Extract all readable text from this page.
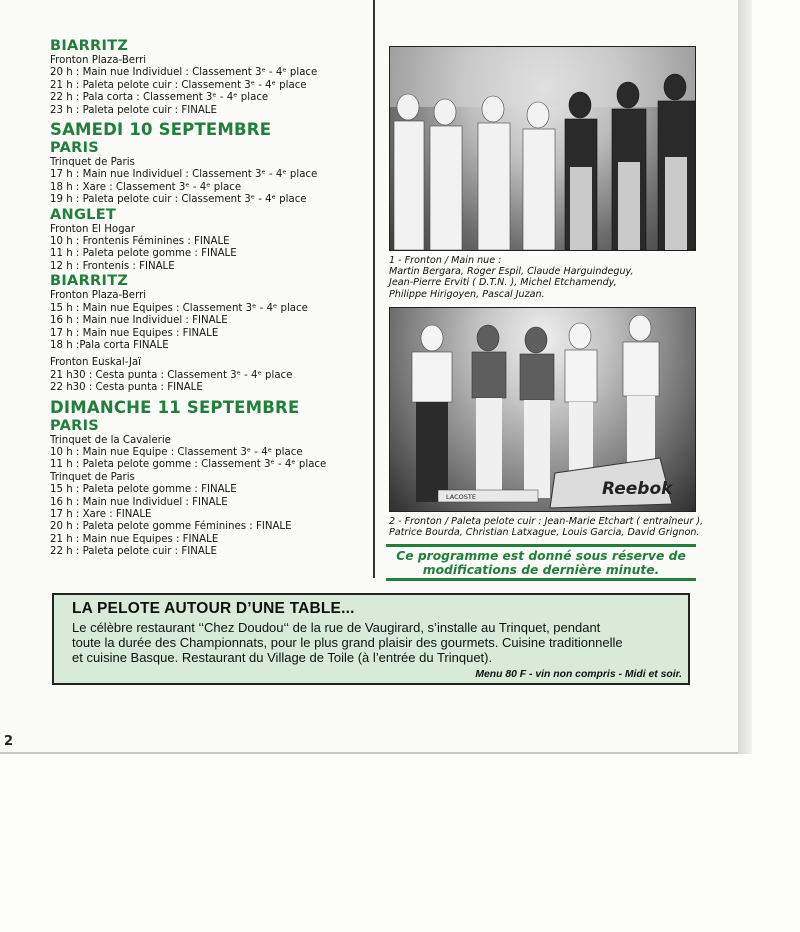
BIARRITZ
Fronton Plaza-Berri
20 h : Main nue Individuel : Classement 3ᵉ - 4ᵉ place
21 h : Paleta pelote cuir : Classement 3ᵉ - 4ᵉ place
22 h : Pala corta : Classement 3ᵉ - 4ᵉ place
23 h : Paleta pelote cuir : FINALE
SAMEDI 10 SEPTEMBRE
PARIS
Trinquet de Paris
17 h : Main nue Individuel : Classement 3ᵉ - 4ᵉ place
18 h : Xare : Classement 3ᵉ - 4ᵉ place
19 h : Paleta pelote cuir : Classement 3ᵉ - 4ᵉ place
ANGLET
Fronton El Hogar
10 h : Frontenis Féminines : FINALE
11 h : Paleta pelote gomme : FINALE
12 h : Frontenis : FINALE
BIARRITZ
Fronton Plaza-Berri
15 h : Main nue Equipes : Classement 3ᵉ - 4ᵉ place
16 h : Main nue Individuel : FINALE
17 h : Main nue Equipes : FINALE
18 h :Pala corta FINALE
Fronton Euskal-Jaï
21 h30 : Cesta punta : Classement 3ᵉ - 4ᵉ place
22 h30 : Cesta punta : FINALE
DIMANCHE 11 SEPTEMBRE
PARIS
Trinquet de la Cavalerie
10 h : Main nue Equipe : Classement 3ᵉ - 4ᵉ place
11 h : Paleta pelote gomme : Classement 3ᵉ - 4ᵉ place
Trinquet de Paris
15 h : Paleta pelote gomme : FINALE
16 h : Main nue Individuel : FINALE
17 h : Xare : FINALE
20 h : Paleta pelote gomme Féminines : FINALE
21 h : Main nue Equipes : FINALE
22 h : Paleta pelote cuir : FINALE
1 - Fronton / Main nue :
Martin Bergara, Roger Espil, Claude Harguindeguy,
Jean-Pierre Erviti ( D.T.N. ), Michel Etchamendy,
Philippe Hirigoyen, Pascal Juzan.
Reebok
LACOSTE
2 - Fronton / Paleta pelote cuir : Jean-Marie Etchart ( entraîneur ),
Patrice Bourda, Christian Latxague, Louis Garcia, David Grignon.
Ce programme est donné sous réserve de
modifications de dernière minute.
LA PELOTE AUTOUR D’UNE TABLE...
Le célèbre restaurant ‘‘Chez Doudou‘‘ de la rue de Vaugirard, s’installe au Trinquet, pendant
toute la durée des Championnats, pour le plus grand plaisir des gourmets. Cuisine traditionnelle
et cuisine Basque. Restaurant du Village de Toile (à l’entrée du Trinquet).
Menu 80 F - vin non compris - Midi et soir.
2
